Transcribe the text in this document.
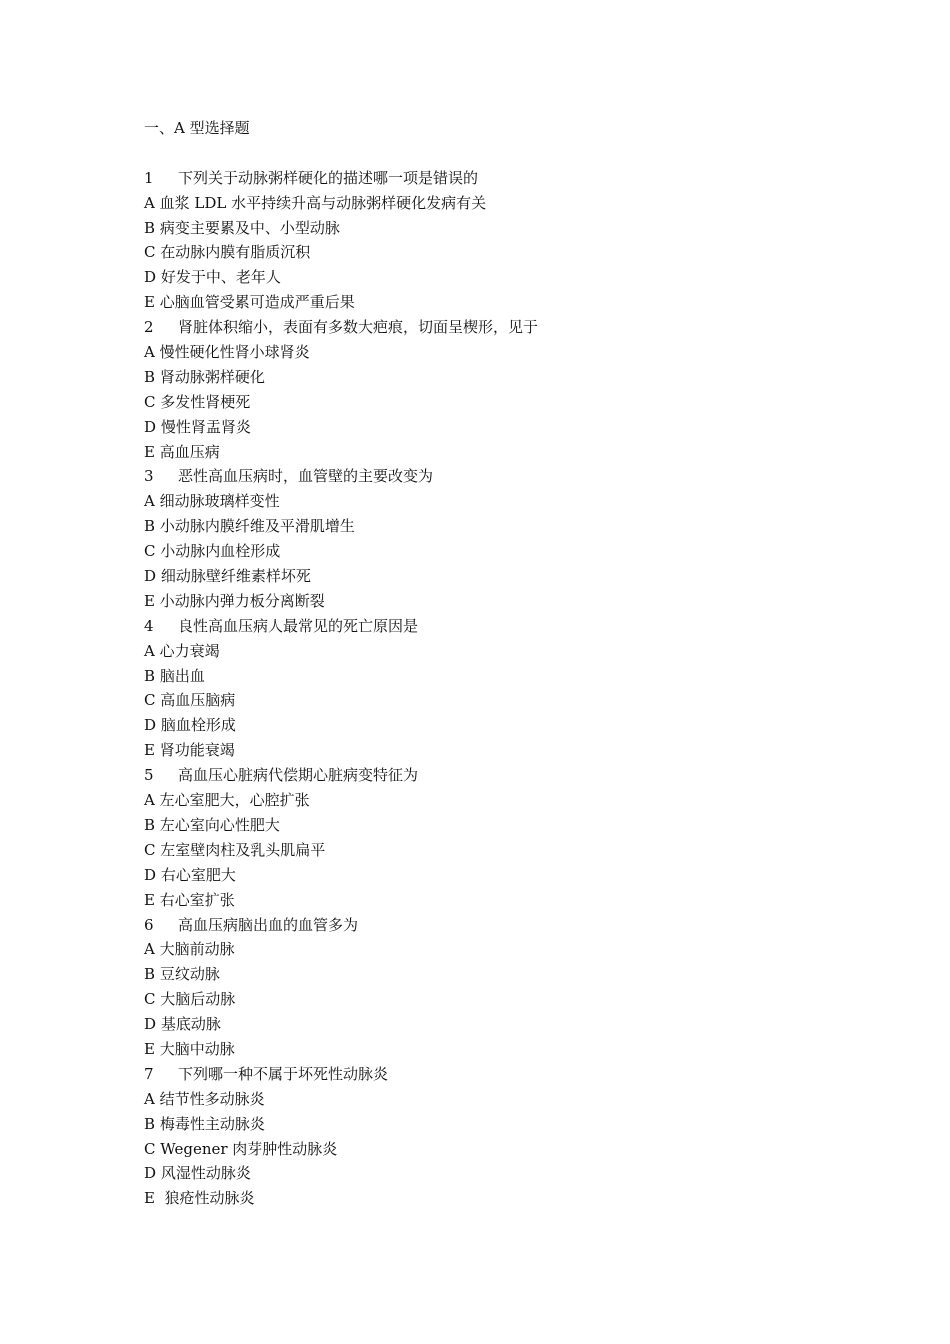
一、A 型选择题
1 下列关于动脉粥样硬化的描述哪一项是错误的
A 血浆 LDL 水平持续升高与动脉粥样硬化发病有关
B 病变主要累及中、小型动脉
C 在动脉内膜有脂质沉积
D 好发于中、老年人
E 心脑血管受累可造成严重后果
2 肾脏体积缩小，表面有多数大疤痕，切面呈楔形，见于
A 慢性硬化性肾小球肾炎
B 肾动脉粥样硬化
C 多发性肾梗死
D 慢性肾盂肾炎
E 高血压病
3 恶性高血压病时，血管壁的主要改变为
A 细动脉玻璃样变性
B 小动脉内膜纤维及平滑肌增生
C 小动脉内血栓形成
D 细动脉壁纤维素样坏死
E 小动脉内弹力板分离断裂
4 良性高血压病人最常见的死亡原因是
A 心力衰竭
B 脑出血
C 高血压脑病
D 脑血栓形成
E 肾功能衰竭
5 高血压心脏病代偿期心脏病变特征为
A 左心室肥大，心腔扩张
B 左心室向心性肥大
C 左室壁肉柱及乳头肌扁平
D 右心室肥大
E 右心室扩张
6 高血压病脑出血的血管多为
A 大脑前动脉
B 豆纹动脉
C 大脑后动脉
D 基底动脉
E 大脑中动脉
7 下列哪一种不属于坏死性动脉炎
A 结节性多动脉炎
B 梅毒性主动脉炎
C Wegener 肉芽肿性动脉炎
D 风湿性动脉炎
E  狼疮性动脉炎
